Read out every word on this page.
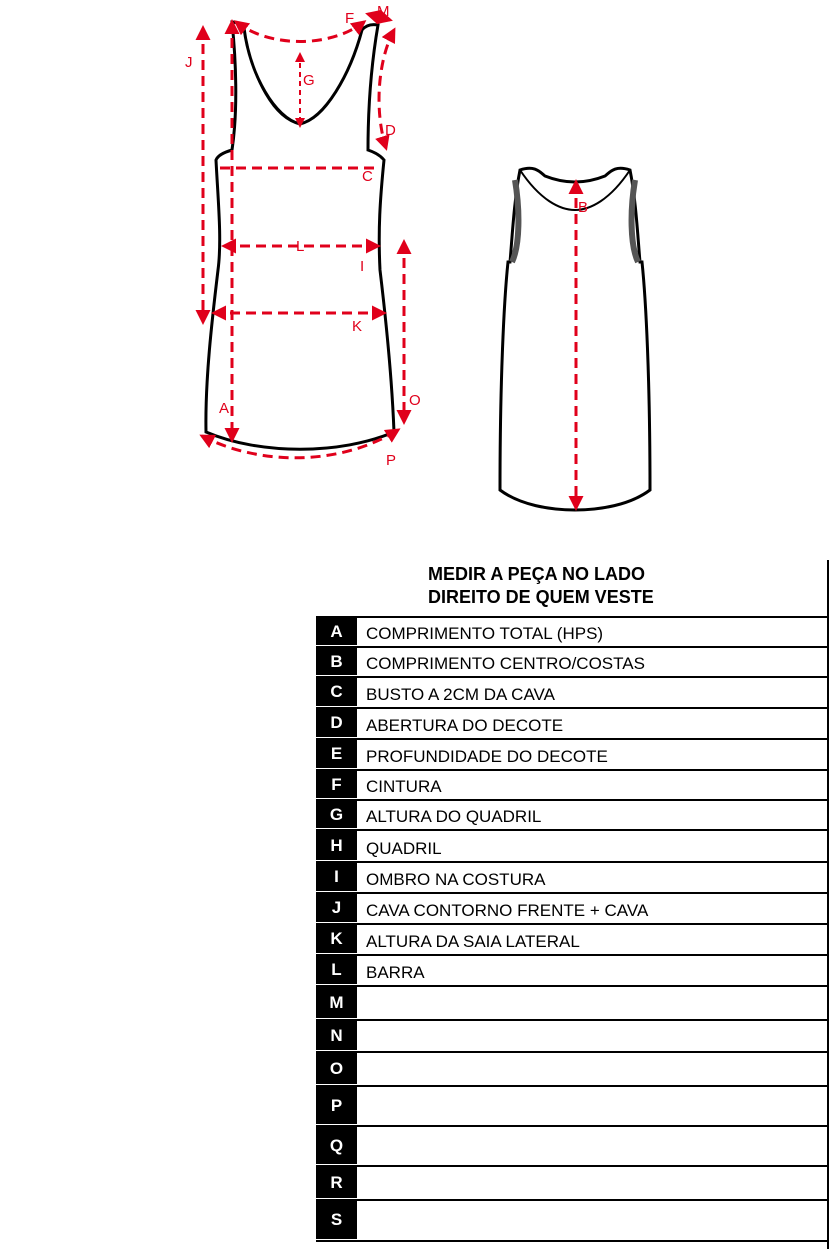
J
F M
G
D
C
I
L
K
O
A
P
B
MEDIR A PEÇA NO LADO
DIREITO DE QUEM VESTE
A	COMPRIMENTO TOTAL (HPS)
B	COMPRIMENTO CENTRO/COSTAS
C	BUSTO A 2CM DA CAVA
D	ABERTURA DO DECOTE
E	PROFUNDIDADE DO DECOTE
F	CINTURA
G	ALTURA DO QUADRIL
H	QUADRIL
I	OMBRO NA COSTURA
J	CAVA CONTORNO FRENTE + CAVA
K	ALTURA DA SAIA LATERAL
L	BARRA
M
N
O
P
Q
R
S
